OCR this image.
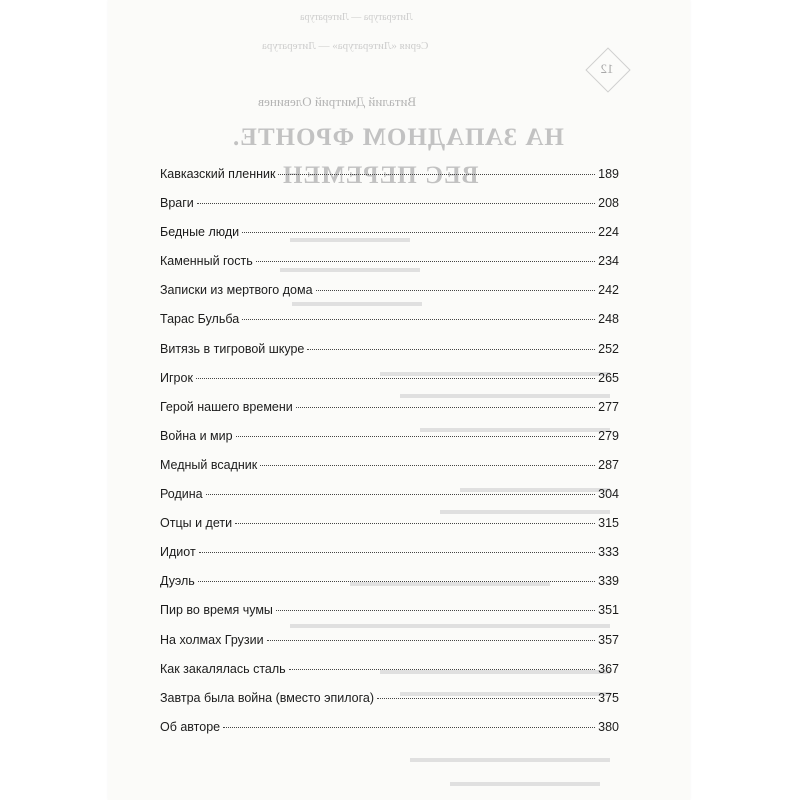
Литература — Литература
Серия «Литература» — Литература
Виталий Дмитрий Олевинев
НА ЗАПАДНОМ ФРОНТЕ.
ВЕС ПЕРЕМЕН
12
Кавказский пленник	189
Враги	208
Бедные люди	224
Каменный гость	234
Записки из мертвого дома	242
Тарас Бульба	248
Витязь в тигровой шкуре	252
Игрок	265
Герой нашего времени	277
Война и мир	279
Медный всадник	287
Родина	304
Отцы и дети	315
Идиот	333
Дуэль	339
Пир во время чумы	351
На холмах Грузии	357
Как закалялась сталь	367
Завтра была война (вместо эпилога)	375
Об авторе	380
